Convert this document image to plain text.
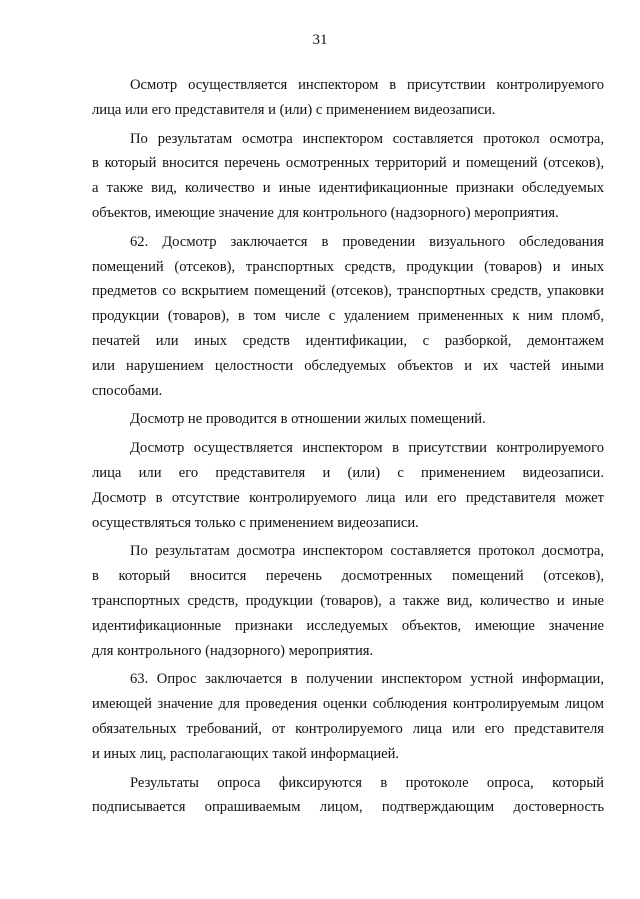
31
Осмотр осуществляется инспектором в присутствии контролируемого
лица или его представителя и (или) с применением видеозаписи.
По результатам осмотра инспектором составляется протокол осмотра,
в который вносится перечень осмотренных территорий и помещений (отсеков),
а также вид, количество и иные идентификационные признаки обследуемых
объектов, имеющие значение для контрольного (надзорного) мероприятия.
62. Досмотр заключается в проведении визуального обследования
помещений (отсеков), транспортных средств, продукции (товаров) и иных
предметов со вскрытием помещений (отсеков), транспортных средств, упаковки
продукции (товаров), в том числе с удалением примененных к ним пломб,
печатей или иных средств идентификации, с разборкой, демонтажем
или нарушением целостности обследуемых объектов и их частей иными
способами.
Досмотр не проводится в отношении жилых помещений.
Досмотр осуществляется инспектором в присутствии контролируемого
лица или его представителя и (или) с применением видеозаписи.
Досмотр в отсутствие контролируемого лица или его представителя может
осуществляться только с применением видеозаписи.
По результатам досмотра инспектором составляется протокол досмотра,
в который вносится перечень досмотренных помещений (отсеков),
транспортных средств, продукции (товаров), а также вид, количество и иные
идентификационные признаки исследуемых объектов, имеющие значение
для контрольного (надзорного) мероприятия.
63. Опрос заключается в получении инспектором устной информации,
имеющей значение для проведения оценки соблюдения контролируемым лицом
обязательных требований, от контролируемого лица или его представителя
и иных лиц, располагающих такой информацией.
Результаты опроса фиксируются в протоколе опроса, который
подписывается опрашиваемым лицом, подтверждающим достоверность
